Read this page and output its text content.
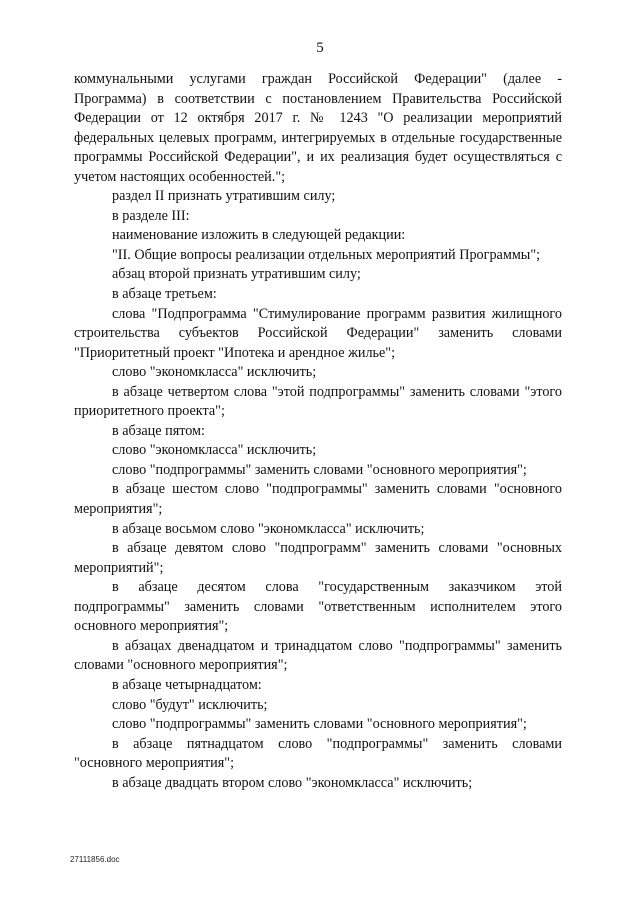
5

коммунальными услугами граждан Российской Федерации" (далее - Программа) в соответствии с постановлением Правительства Российской Федерации от 12 октября 2017 г. № 1243 "О реализации мероприятий федеральных целевых программ, интегрируемых в отдельные государственные программы Российской Федерации", и их реализация будет осуществляться с учетом настоящих особенностей.";

раздел II признать утратившим силу;

в разделе III:

наименование изложить в следующей редакции:

"II. Общие вопросы реализации отдельных мероприятий Программы";

абзац второй признать утратившим силу;

в абзаце третьем:

слова "Подпрограмма "Стимулирование программ развития жилищного строительства субъектов Российской Федерации" заменить словами "Приоритетный проект "Ипотека и арендное жилье";

слово "экономкласса" исключить;

в абзаце четвертом слова "этой подпрограммы" заменить словами "этого приоритетного проекта";

в абзаце пятом:

слово "экономкласса" исключить;

слово "подпрограммы" заменить словами "основного мероприятия";

в абзаце шестом слово "подпрограммы" заменить словами "основного мероприятия";

в абзаце восьмом слово "экономкласса" исключить;

в абзаце девятом слово "подпрограмм" заменить словами "основных мероприятий";

в абзаце десятом слова "государственным заказчиком этой подпрограммы" заменить словами "ответственным исполнителем этого основного мероприятия";

в абзацах двенадцатом и тринадцатом слово "подпрограммы" заменить словами "основного мероприятия";

в абзаце четырнадцатом:

слово "будут" исключить;

слово "подпрограммы" заменить словами "основного мероприятия";

в абзаце пятнадцатом слово "подпрограммы" заменить словами "основного мероприятия";

в абзаце двадцать втором слово "экономкласса" исключить;

27111856.doc
